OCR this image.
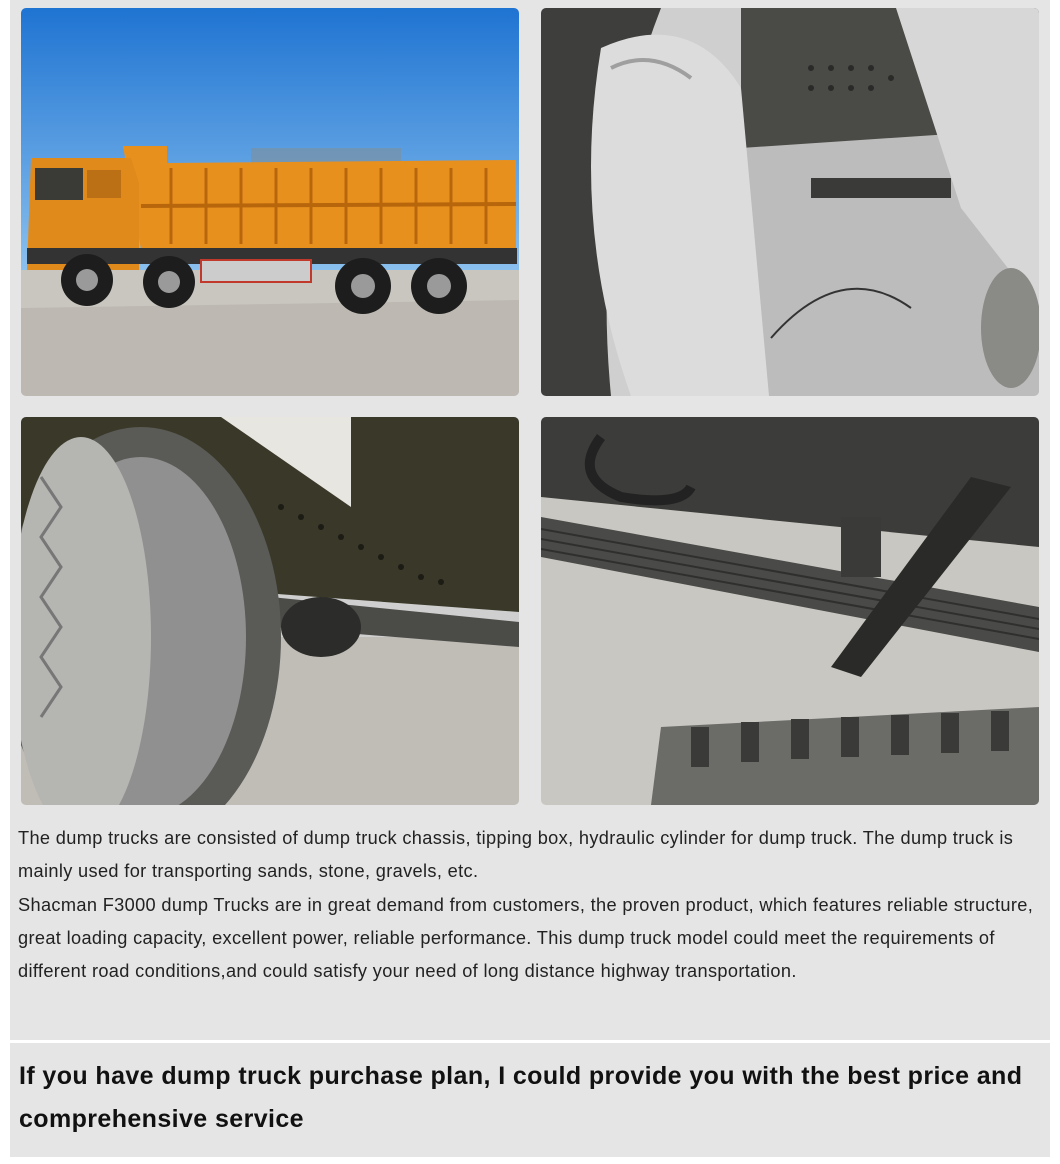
The dump trucks are consisted of dump truck chassis, tipping box, hydraulic cylinder for dump truck. The dump truck is mainly used for transporting sands, stone, gravels, etc.

Shacman F3000 dump Trucks are in great demand from customers, the proven product, which features reliable structure, great loading capacity, excellent power, reliable performance. This dump truck model could meet the requirements of different road conditions,and could satisfy your need of long distance highway transportation.

If you have dump truck purchase plan, I could provide you with the best price and comprehensive service
